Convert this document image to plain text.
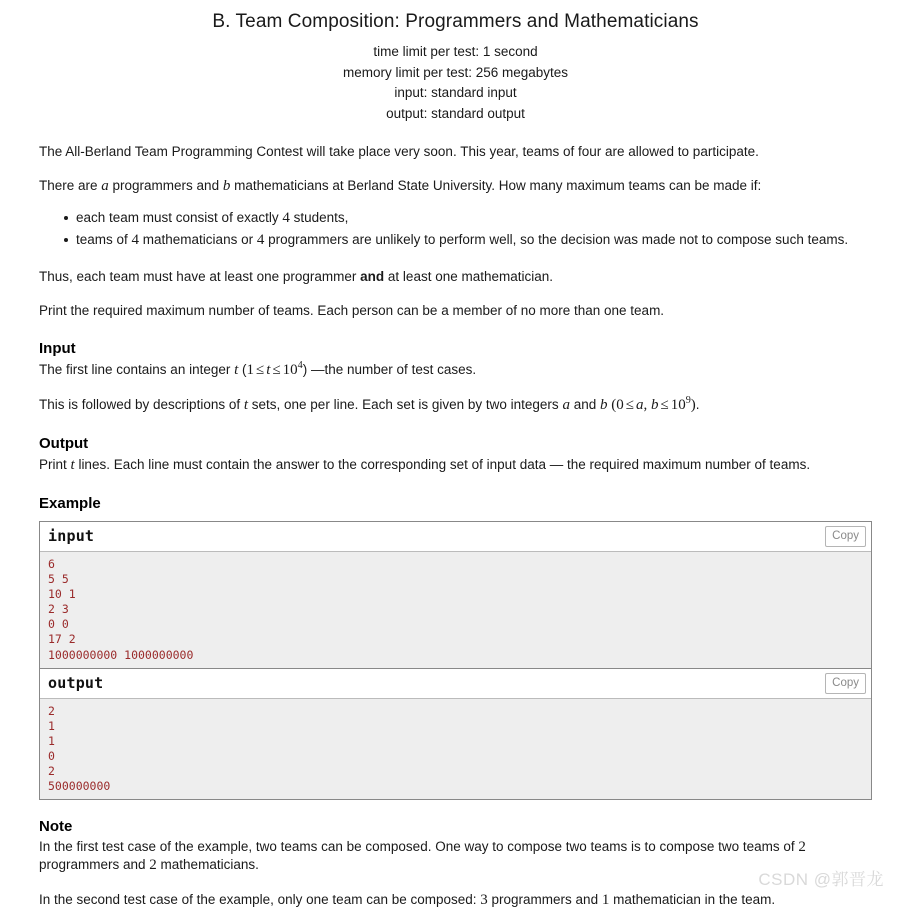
B. Team Composition: Programmers and Mathematicians
time limit per test: 1 second
memory limit per test: 256 megabytes
input: standard input
output: standard output

The All-Berland Team Programming Contest will take place very soon. This year, teams of four are allowed to participate.

There are a programmers and b mathematicians at Berland State University. How many maximum teams can be made if:

each team must consist of exactly 4 students,
teams of 4 mathematicians or 4 programmers are unlikely to perform well, so the decision was made not to compose such teams.

Thus, each team must have at least one programmer and at least one mathematician.

Print the required maximum number of teams. Each person can be a member of no more than one team.

Input

The first line contains an integer t $(1 \le t \le 10^4)$ —the number of test cases.

This is followed by descriptions of t sets, one per line. Each set is given by two integers a and b (0 ≤ a, $b \le 10^9$).

Output

Print t lines. Each line must contain the answer to the corresponding set of input data — the required maximum number of teams.

Example
input	Copy
6
5 5
10 1
2 3
0 0
17 2
1000000000 1000000000
output	Copy
2
1
1
0
2
500000000
Note

In the first test case of the example, two teams can be composed. One way to compose two teams is to compose two teams of 2 programmers and 2 mathematicians.

In the second test case of the example, only one team can be composed: 3 programmers and 1 mathematician in the team.

CSDN @郭晋龙
